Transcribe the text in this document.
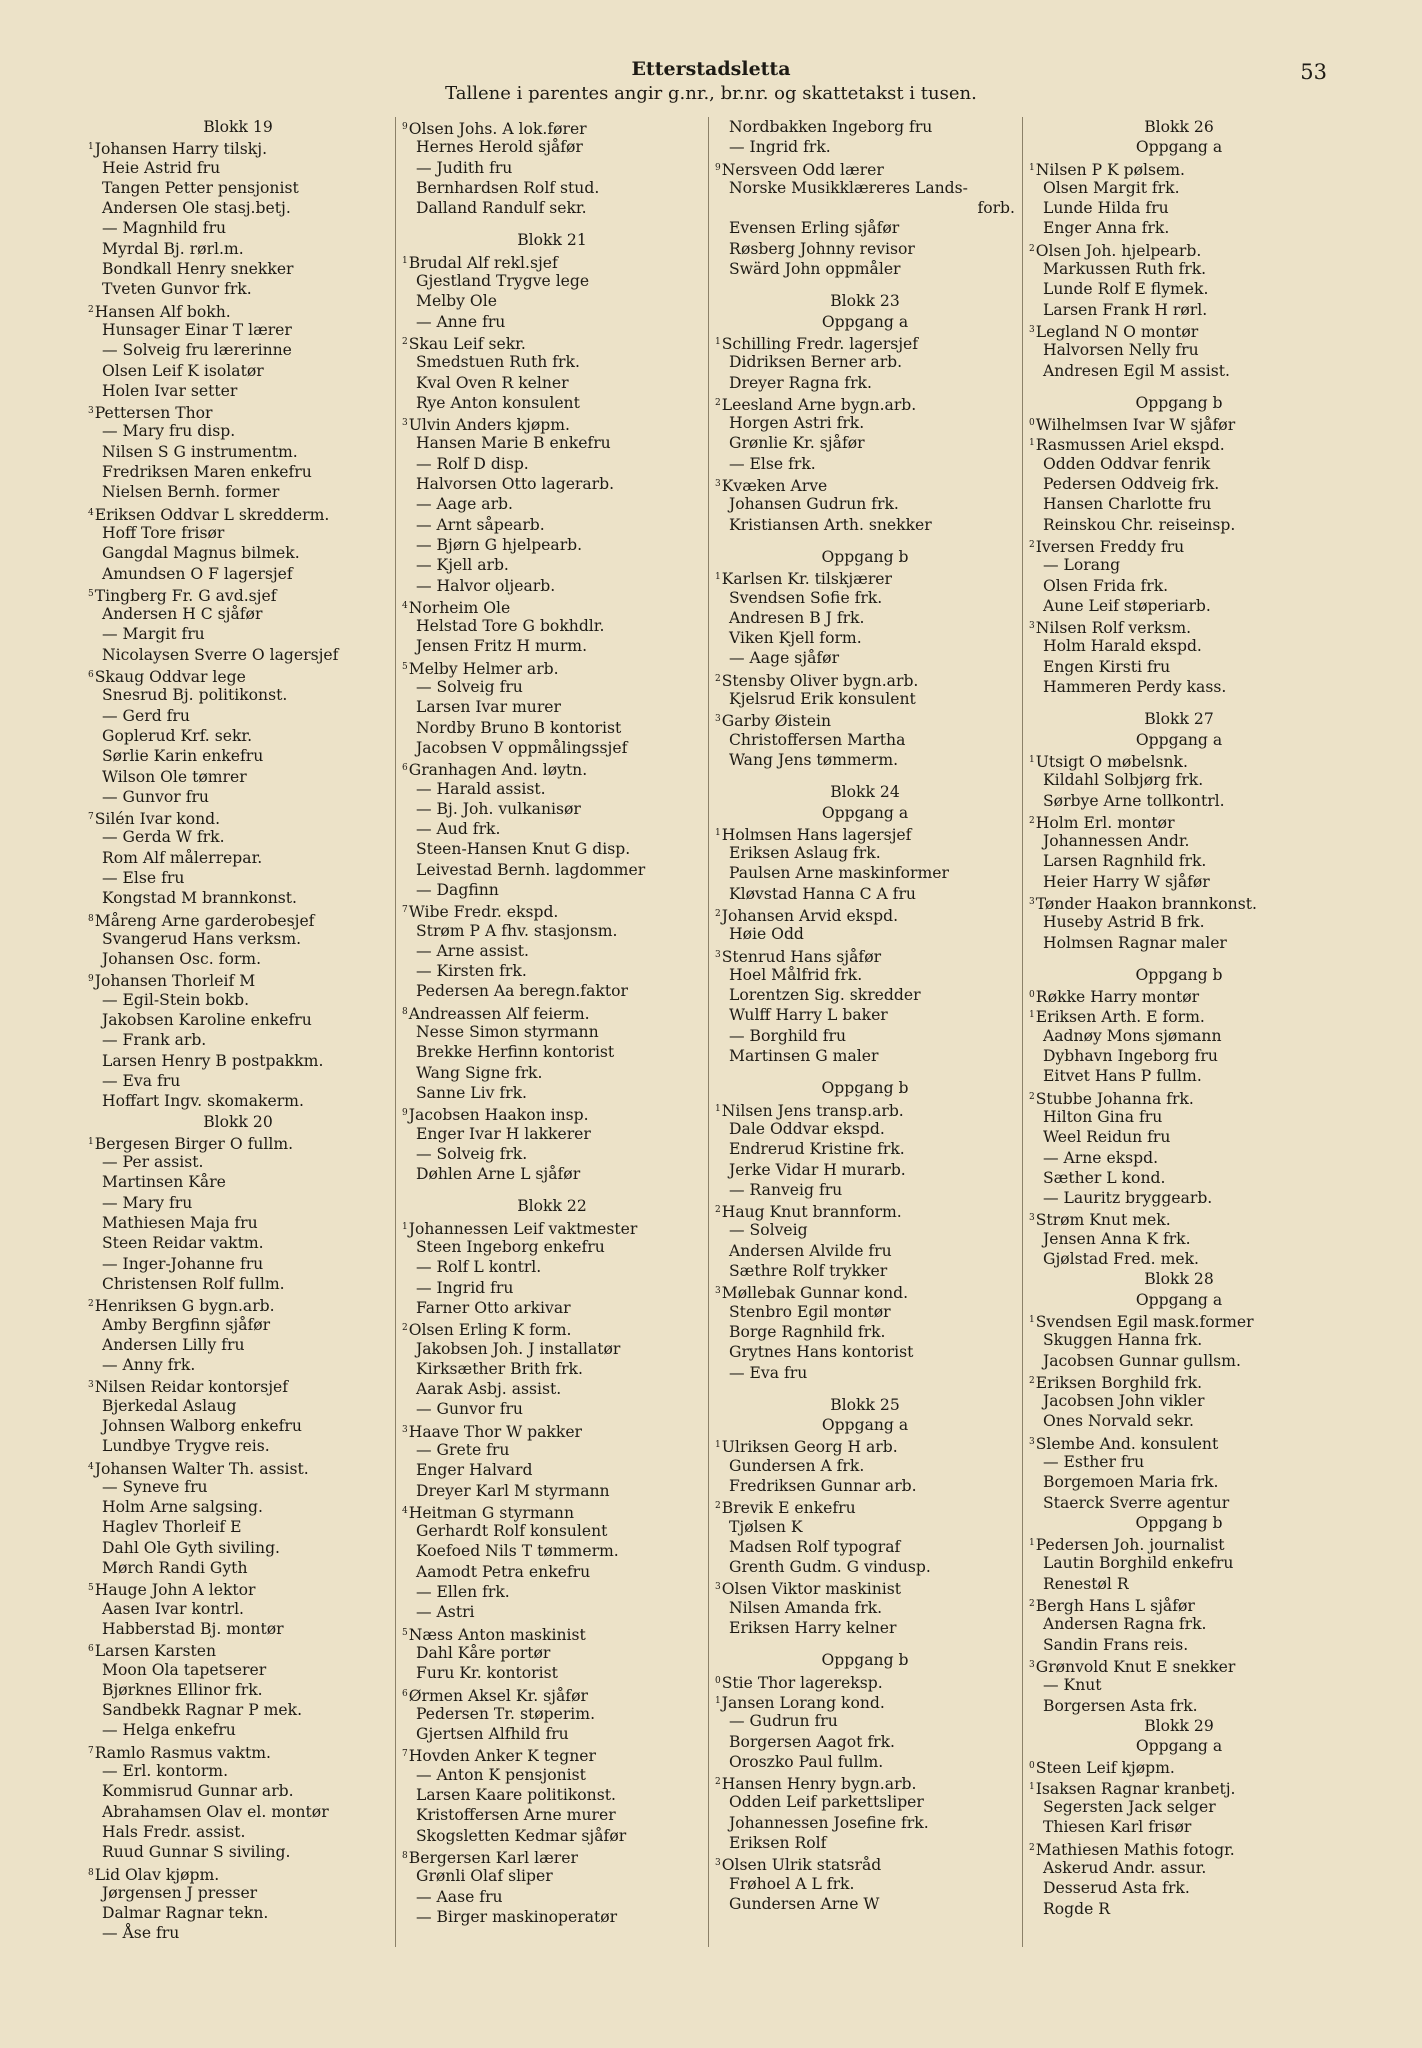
Etterstadsletta	53
Tallene i parentes angir g.nr., br.nr. og skattetakst i tusen.
Blokk 19
$^1$Johansen Harry tilskj.
Heie Astrid fru
Tangen Petter pensjonist
Andersen Ole stasj.betj.
— Magnhild fru
Myrdal Bj. rørl.m.
Bondkall Henry snekker
Tveten Gunvor frk.
$^2$Hansen Alf bokh.
Hunsager Einar T lærer
— Solveig fru lærerinne
Olsen Leif K isolatør
Holen Ivar setter
$^3$Pettersen Thor
— Mary fru disp.
Nilsen S G instrumentm.
Fredriksen Maren enkefru
Nielsen Bernh. former
$^4$Eriksen Oddvar L skredderm.
Hoff Tore frisør
Gangdal Magnus bilmek.
Amundsen O F lagersjef
$^5$Tingberg Fr. G avd.sjef
Andersen H C sjåfør
— Margit fru
Nicolaysen Sverre O lagersjef
$^6$Skaug Oddvar lege
Snesrud Bj. politikonst.
— Gerd fru
Goplerud Krf. sekr.
Sørlie Karin enkefru
Wilson Ole tømrer
— Gunvor fru
$^7$Silén Ivar kond.
— Gerda W frk.
Rom Alf målerrepar.
— Else fru
Kongstad M brannkonst.
$^8$Måreng Arne garderobesjef
Svangerud Hans verksm.
Johansen Osc. form.
$^9$Johansen Thorleif M
— Egil-Stein bokb.
Jakobsen Karoline enkefru
— Frank arb.
Larsen Henry B postpakkm.
— Eva fru
Hoffart Ingv. skomakerm.
Blokk 20
$^1$Bergesen Birger O fullm.
— Per assist.
Martinsen Kåre
— Mary fru
Mathiesen Maja fru
Steen Reidar vaktm.
— Inger-Johanne fru
Christensen Rolf fullm.
$^2$Henriksen G bygn.arb.
Amby Bergfinn sjåfør
Andersen Lilly fru
— Anny frk.
$^3$Nilsen Reidar kontorsjef
Bjerkedal Aslaug
Johnsen Walborg enkefru
Lundbye Trygve reis.
$^4$Johansen Walter Th. assist.
— Syneve fru
Holm Arne salgsing.
Haglev Thorleif E
Dahl Ole Gyth siviling.
Mørch Randi Gyth
$^5$Hauge John A lektor
Aasen Ivar kontrl.
Habberstad Bj. montør
$^6$Larsen Karsten
Moon Ola tapetserer
Bjørknes Ellinor frk.
Sandbekk Ragnar P mek.
— Helga enkefru
$^7$Ramlo Rasmus vaktm.
— Erl. kontorm.
Kommisrud Gunnar arb.
Abrahamsen Olav el. montør
Hals Fredr. assist.
Ruud Gunnar S siviling.
$^8$Lid Olav kjøpm.
Jørgensen J presser
Dalmar Ragnar tekn.
— Åse fru
$^9$Olsen Johs. A lok.fører
Hernes Herold sjåfør
— Judith fru
Bernhardsen Rolf stud.
Dalland Randulf sekr.
Blokk 21
$^1$Brudal Alf rekl.sjef
Gjestland Trygve lege
Melby Ole
— Anne fru
$^2$Skau Leif sekr.
Smedstuen Ruth frk.
Kval Oven R kelner
Rye Anton konsulent
$^3$Ulvin Anders kjøpm.
Hansen Marie B enkefru
— Rolf D disp.
Halvorsen Otto lagerarb.
— Aage arb.
— Arnt såpearb.
— Bjørn G hjelpearb.
— Kjell arb.
— Halvor oljearb.
$^4$Norheim Ole
Helstad Tore G bokhdlr.
Jensen Fritz H murm.
$^5$Melby Helmer arb.
— Solveig fru
Larsen Ivar murer
Nordby Bruno B kontorist
Jacobsen V oppmålingssjef
$^6$Granhagen And. løytn.
— Harald assist.
— Bj. Joh. vulkanisør
— Aud frk.
Steen-Hansen Knut G disp.
Leivestad Bernh. lagdommer
— Dagfinn
$^7$Wibe Fredr. ekspd.
Strøm P A fhv. stasjonsm.
— Arne assist.
— Kirsten frk.
Pedersen Aa beregn.faktor
$^8$Andreassen Alf feierm.
Nesse Simon styrmann
Brekke Herfinn kontorist
Wang Signe frk.
Sanne Liv frk.
$^9$Jacobsen Haakon insp.
Enger Ivar H lakkerer
— Solveig frk.
Døhlen Arne L sjåfør
Blokk 22
$^1$Johannessen Leif vaktmester
Steen Ingeborg enkefru
— Rolf L kontrl.
— Ingrid fru
Farner Otto arkivar
$^2$Olsen Erling K form.
Jakobsen Joh. J installatør
Kirksæther Brith frk.
Aarak Asbj. assist.
— Gunvor fru
$^3$Haave Thor W pakker
— Grete fru
Enger Halvard
Dreyer Karl M styrmann
$^4$Heitman G styrmann
Gerhardt Rolf konsulent
Koefoed Nils T tømmerm.
Aamodt Petra enkefru
— Ellen frk.
— Astri
$^5$Næss Anton maskinist
Dahl Kåre portør
Furu Kr. kontorist
$^6$Ørmen Aksel Kr. sjåfør
Pedersen Tr. støperim.
Gjertsen Alfhild fru
$^7$Hovden Anker K tegner
— Anton K pensjonist
Larsen Kaare politikonst.
Kristoffersen Arne murer
Skogsletten Kedmar sjåfør
$^8$Bergersen Karl lærer
Grønli Olaf sliper
— Aase fru
— Birger maskinoperatør
Nordbakken Ingeborg fru
— Ingrid frk.
$^9$Nersveen Odd lærer
Norske Musikklæreres Lands-
forb.
Evensen Erling sjåfør
Røsberg Johnny revisor
Swärd John oppmåler
Blokk 23
Oppgang a
$^1$Schilling Fredr. lagersjef
Didriksen Berner arb.
Dreyer Ragna frk.
$^2$Leesland Arne bygn.arb.
Horgen Astri frk.
Grønlie Kr. sjåfør
— Else frk.
$^3$Kvæken Arve
Johansen Gudrun frk.
Kristiansen Arth. snekker
Oppgang b
$^1$Karlsen Kr. tilskjærer
Svendsen Sofie frk.
Andresen B J frk.
Viken Kjell form.
— Aage sjåfør
$^2$Stensby Oliver bygn.arb.
Kjelsrud Erik konsulent
$^3$Garby Øistein
Christoffersen Martha
Wang Jens tømmerm.
Blokk 24
Oppgang a
$^1$Holmsen Hans lagersjef
Eriksen Aslaug frk.
Paulsen Arne maskinformer
Kløvstad Hanna C A fru
$^2$Johansen Arvid ekspd.
Høie Odd
$^3$Stenrud Hans sjåfør
Hoel Målfrid frk.
Lorentzen Sig. skredder
Wulff Harry L baker
— Borghild fru
Martinsen G maler
Oppgang b
$^1$Nilsen Jens transp.arb.
Dale Oddvar ekspd.
Endrerud Kristine frk.
Jerke Vidar H murarb.
— Ranveig fru
$^2$Haug Knut brannform.
— Solveig
Andersen Alvilde fru
Sæthre Rolf trykker
$^3$Møllebak Gunnar kond.
Stenbro Egil montør
Borge Ragnhild frk.
Grytnes Hans kontorist
— Eva fru
Blokk 25
Oppgang a
$^1$Ulriksen Georg H arb.
Gundersen A frk.
Fredriksen Gunnar arb.
$^2$Brevik E enkefru
Tjølsen K
Madsen Rolf typograf
Grenth Gudm. G vindusp.
$^3$Olsen Viktor maskinist
Nilsen Amanda frk.
Eriksen Harry kelner
Oppgang b
$^0$Stie Thor lagereksp.
$^1$Jansen Lorang kond.
— Gudrun fru
Borgersen Aagot frk.
Oroszko Paul fullm.
$^2$Hansen Henry bygn.arb.
Odden Leif parkettsliper
Johannessen Josefine frk.
Eriksen Rolf
$^3$Olsen Ulrik statsråd
Frøhoel A L frk.
Gundersen Arne W
Blokk 26
Oppgang a
$^1$Nilsen P K pølsem.
Olsen Margit frk.
Lunde Hilda fru
Enger Anna frk.
$^2$Olsen Joh. hjelpearb.
Markussen Ruth frk.
Lunde Rolf E flymek.
Larsen Frank H rørl.
$^3$Legland N O montør
Halvorsen Nelly fru
Andresen Egil M assist.
Oppgang b
$^0$Wilhelmsen Ivar W sjåfør
$^1$Rasmussen Ariel ekspd.
Odden Oddvar fenrik
Pedersen Oddveig frk.
Hansen Charlotte fru
Reinskou Chr. reiseinsp.
$^2$Iversen Freddy fru
— Lorang
Olsen Frida frk.
Aune Leif støperiarb.
$^3$Nilsen Rolf verksm.
Holm Harald ekspd.
Engen Kirsti fru
Hammeren Perdy kass.
Blokk 27
Oppgang a
$^1$Utsigt O møbelsnk.
Kildahl Solbjørg frk.
Sørbye Arne tollkontrl.
$^2$Holm Erl. montør
Johannessen Andr.
Larsen Ragnhild frk.
Heier Harry W sjåfør
$^3$Tønder Haakon brannkonst.
Huseby Astrid B frk.
Holmsen Ragnar maler
Oppgang b
$^0$Røkke Harry montør
$^1$Eriksen Arth. E form.
Aadnøy Mons sjømann
Dybhavn Ingeborg fru
Eitvet Hans P fullm.
$^2$Stubbe Johanna frk.
Hilton Gina fru
Weel Reidun fru
— Arne ekspd.
Sæther L kond.
— Lauritz bryggearb.
$^3$Strøm Knut mek.
Jensen Anna K frk.
Gjølstad Fred. mek.
Blokk 28
Oppgang a
$^1$Svendsen Egil mask.former
Skuggen Hanna frk.
Jacobsen Gunnar gullsm.
$^2$Eriksen Borghild frk.
Jacobsen John vikler
Ones Norvald sekr.
$^3$Slembe And. konsulent
— Esther fru
Borgemoen Maria frk.
Staerck Sverre agentur
Oppgang b
$^1$Pedersen Joh. journalist
Lautin Borghild enkefru
Renestøl R
$^2$Bergh Hans L sjåfør
Andersen Ragna frk.
Sandin Frans reis.
$^3$Grønvold Knut E snekker
— Knut
Borgersen Asta frk.
Blokk 29
Oppgang a
$^0$Steen Leif kjøpm.
$^1$Isaksen Ragnar kranbetj.
Segersten Jack selger
Thiesen Karl frisør
$^2$Mathiesen Mathis fotogr.
Askerud Andr. assur.
Desserud Asta frk.
Rogde R
